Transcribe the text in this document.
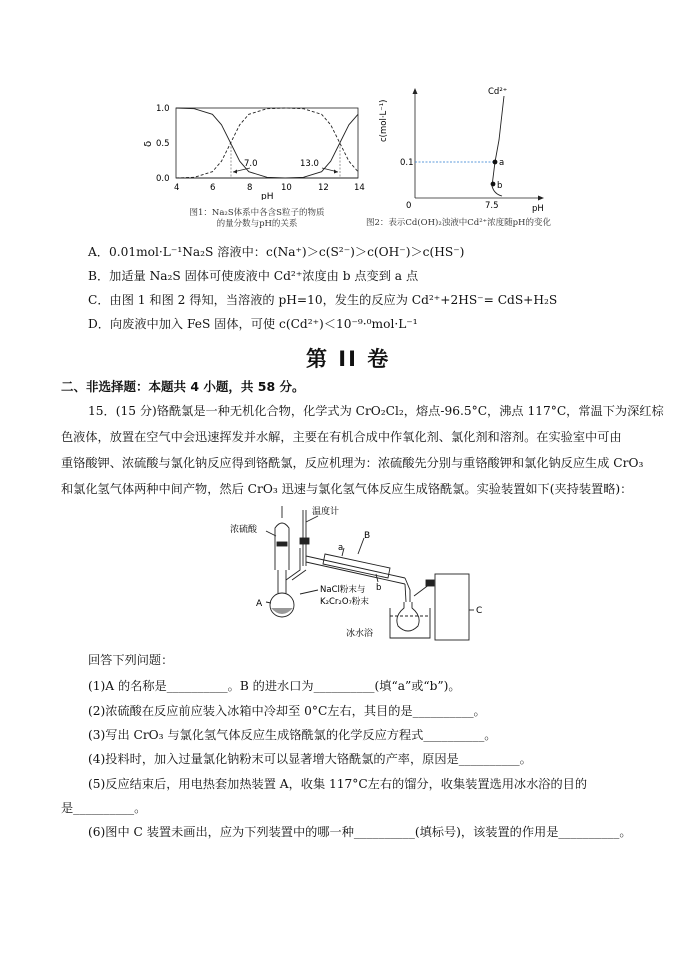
δ
1.0
0.5
0.0
4	6	8	10	12	14
pH
7.0	13.0
图1：Na₂S体系中各含S粒子的物质
的量分数与pH的关系
c(mol·L⁻¹)
Cd²⁺
0.1
7.5
0	pH
a
b
图2：表示Cd(OH)₂浊液中Cd²⁺浓度随pH的变化
A．0.01mol·L⁻¹Na₂S 溶液中：c(Na⁺)＞c(S²⁻)＞c(OH⁻)＞c(HS⁻)
B．加适量 Na₂S 固体可使废液中 Cd²⁺浓度由 b 点变到 a 点
C．由图 1 和图 2 得知，当溶液的 pH=10，发生的反应为 Cd²⁺+2HS⁻= CdS+H₂S
D．向废液中加入 FeS 固体，可使 c(Cd²⁺)＜10⁻⁹·⁰mol·L⁻¹
第 II 卷
二、非选择题：本题共 4 小题，共 58 分。
15．(15 分)铬酰氯是一种无机化合物，化学式为 CrO₂Cl₂，熔点-96.5°C，沸点 117°C，常温下为深红棕
色液体，放置在空气中会迅速挥发并水解，主要在有机合成中作氧化剂、氯化剂和溶剂。在实验室中可由
重铬酸钾、浓硫酸与氯化钠反应得到铬酰氯，反应机理为：浓硫酸先分别与重铬酸钾和氯化钠反应生成 CrO₃
和氯化氢气体两种中间产物，然后 CrO₃ 迅速与氯化氢气体反应生成铬酰氯。实验装置如下(夹持装置略)：
浓硫酸
温度计
B
a
b
A
NaCl粉末与
K₂Cr₂O₇粉末
冰水浴
C
回答下列问题：
(1)A 的名称是__________。B 的进水口为__________(填“a”或“b”)。
(2)浓硫酸在反应前应装入冰箱中冷却至 0°C左右，其目的是__________。
(3)写出 CrO₃ 与氯化氢气体反应生成铬酰氯的化学反应方程式__________。
(4)投料时，加入过量氯化钠粉末可以显著增大铬酰氯的产率，原因是__________。
(5)反应结束后，用电热套加热装置 A，收集 117°C左右的馏分，收集装置选用冰水浴的目的
是__________。
(6)图中 C 装置未画出，应为下列装置中的哪一种__________(填标号)，该装置的作用是__________。
